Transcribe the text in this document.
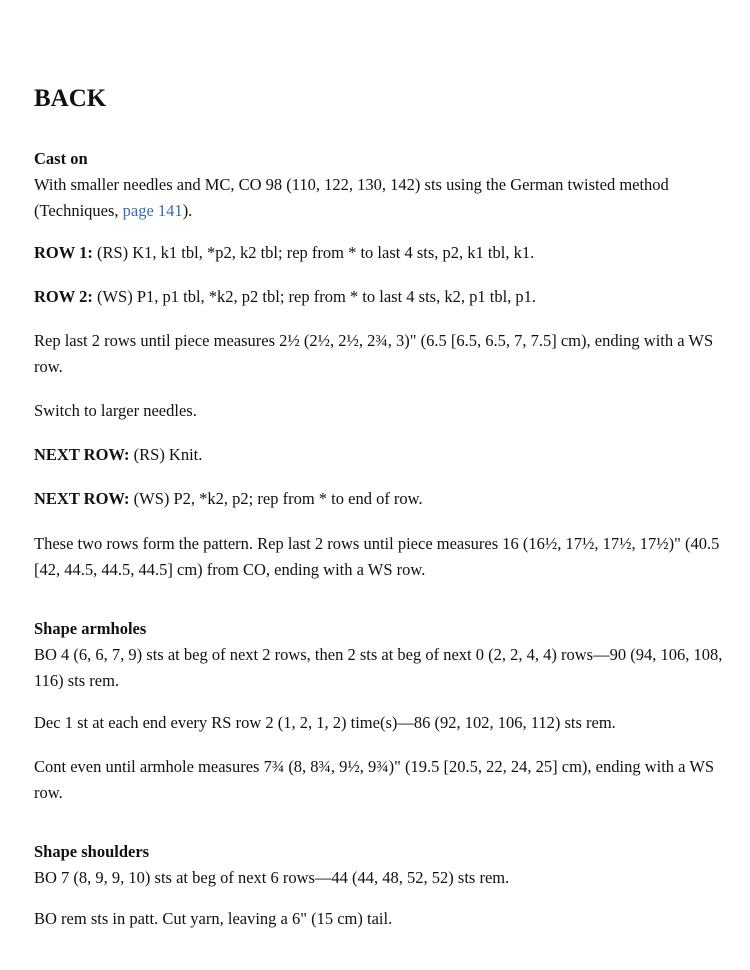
BACK

Cast on
With smaller needles and MC, CO 98 (110, 122, 130, 142) sts using the German twisted method (Techniques, page 141).

ROW 1: (RS) K1, k1 tbl, *p2, k2 tbl; rep from * to last 4 sts, p2, k1 tbl, k1.

ROW 2: (WS) P1, p1 tbl, *k2, p2 tbl; rep from * to last 4 sts, k2, p1 tbl, p1.

Rep last 2 rows until piece measures 2½ (2½, 2½, 2¾, 3)" (6.5 [6.5, 6.5, 7, 7.5] cm), ending with a WS row.

Switch to larger needles.

NEXT ROW: (RS) Knit.

NEXT ROW: (WS) P2, *k2, p2; rep from * to end of row.

These two rows form the pattern. Rep last 2 rows until piece measures 16 (16½, 17½, 17½, 17½)" (40.5 [42, 44.5, 44.5, 44.5] cm) from CO, ending with a WS row.

Shape armholes
BO 4 (6, 6, 7, 9) sts at beg of next 2 rows, then 2 sts at beg of next 0 (2, 2, 4, 4) rows—90 (94, 106, 108, 116) sts rem.

Dec 1 st at each end every RS row 2 (1, 2, 1, 2) time(s)—86 (92, 102, 106, 112) sts rem.

Cont even until armhole measures 7¾ (8, 8¾, 9½, 9¾)" (19.5 [20.5, 22, 24, 25] cm), ending with a WS row.

Shape shoulders
BO 7 (8, 9, 9, 10) sts at beg of next 6 rows—44 (44, 48, 52, 52) sts rem.

BO rem sts in patt. Cut yarn, leaving a 6" (15 cm) tail.
